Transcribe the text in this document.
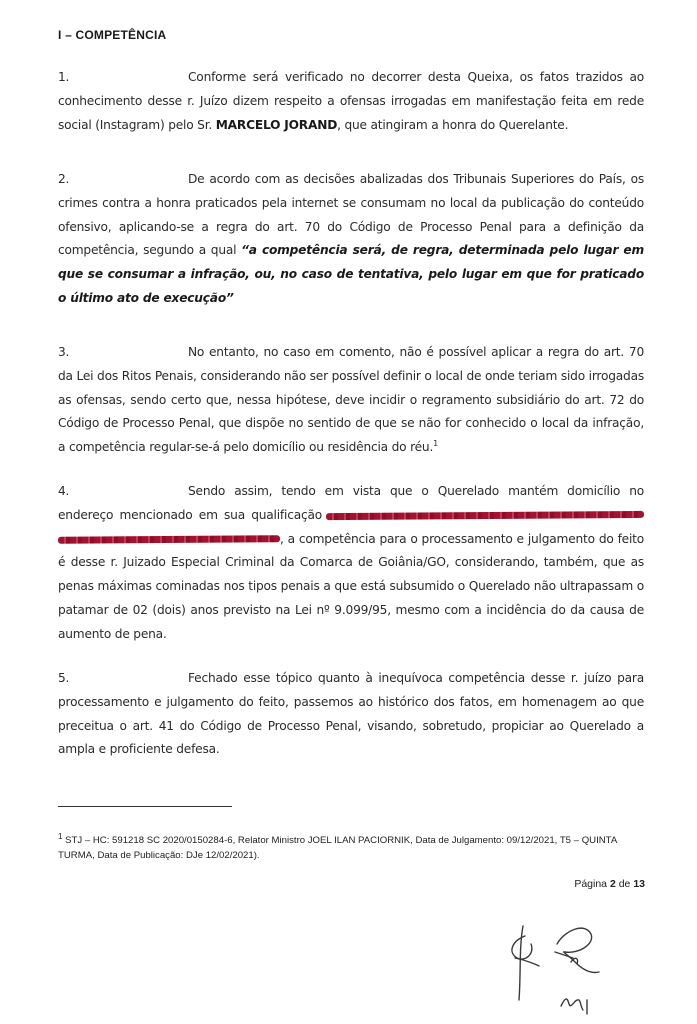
I – COMPETÊNCIA
1.	Conforme será verificado no decorrer desta Queixa, os fatos trazidos ao conhecimento desse r. Juízo dizem respeito a ofensas irrogadas em manifestação feita em rede social (Instagram) pelo Sr. MARCELO JORAND, que atingiram a honra do Querelante.
2.	De acordo com as decisões abalizadas dos Tribunais Superiores do País, os crimes contra a honra praticados pela internet se consumam no local da publicação do conteúdo ofensivo, aplicando-se a regra do art. 70 do Código de Processo Penal para a definição da competência, segundo a qual “a competência será, de regra, determinada pelo lugar em que se consumar a infração, ou, no caso de tentativa, pelo lugar em que for praticado o último ato de execução”
3.	No entanto, no caso em comento, não é possível aplicar a regra do art. 70 da Lei dos Ritos Penais, considerando não ser possível definir o local de onde teriam sido irrogadas as ofensas, sendo certo que, nessa hipótese, deve incidir o regramento subsidiário do art. 72 do Código de Processo Penal, que dispõe no sentido de que se não for conhecido o local da infração, a competência regular-se-á pelo domicílio ou residência do réu.$^1$
4.	Sendo assim, tendo em vista que o Querelado mantém domicílio no endereço mencionado em sua qualificação , a competência para o processamento e julgamento do feito é desse r. Juizado Especial Criminal da Comarca de Goiânia/GO, considerando, também, que as penas máximas cominadas nos tipos penais a que está subsumido o Querelado não ultrapassam o patamar de 02 (dois) anos previsto na Lei nº 9.099/95, mesmo com a incidência do da causa de aumento de pena.
5.	Fechado esse tópico quanto à inequívoca competência desse r. juízo para processamento e julgamento do feito, passemos ao histórico dos fatos, em homenagem ao que preceitua o art. 41 do Código de Processo Penal, visando, sobretudo, propiciar ao Querelado a ampla e proficiente defesa.
$^1$ STJ – HC: 591218 SC 2020/0150284-6, Relator Ministro JOEL ILAN PACIORNIK, Data de Julgamento: 09/12/2021, T5 – QUINTA TURMA, Data de Publicação: DJe 12/02/2021).
Página 2 de 13
